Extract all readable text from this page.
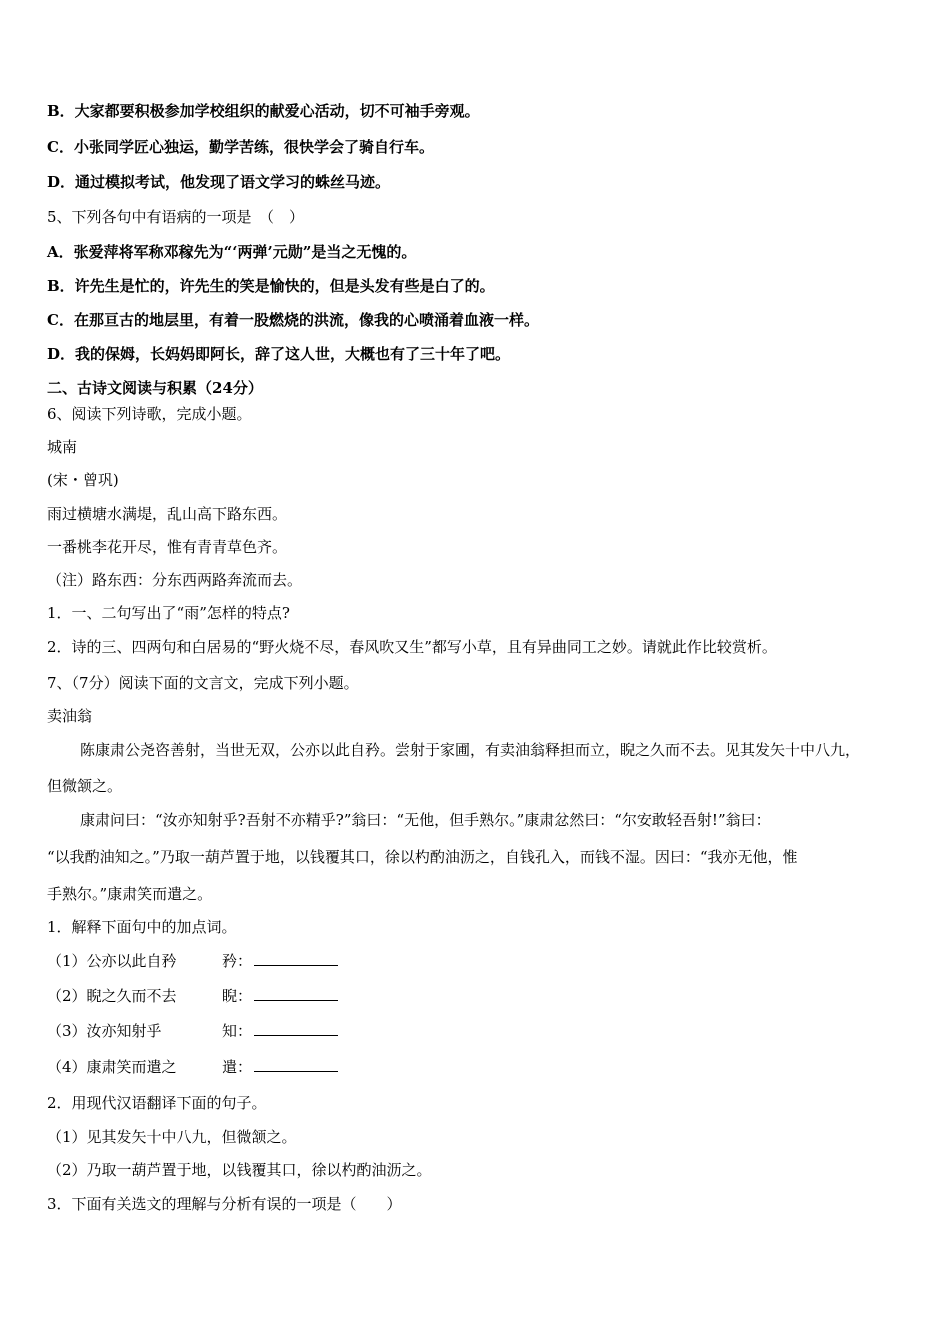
B．大家都要积极参加学校组织的献爱心活动，切不可袖手旁观。
C．小张同学匠心独运，勤学苦练，很快学会了骑自行车。
D．通过模拟考试，他发现了语文学习的蛛丝马迹。
5、下列各句中有语病的一项是　（　）
A．张爱萍将军称邓稼先为“‘两弹’元勋”是当之无愧的。
B．许先生是忙的，许先生的笑是愉快的，但是头发有些是白了的。
C．在那亘古的地层里，有着一股燃烧的洪流，像我的心喷涌着血液一样。
D．我的保姆，长妈妈即阿长，辞了这人世，大概也有了三十年了吧。
二、古诗文阅读与积累（24分）
6、阅读下列诗歌，完成小题。
城南
(宋・曾巩)
雨过横塘水满堤，乱山高下路东西。
一番桃李花开尽，惟有青青草色齐。
（注）路东西：分东西两路奔流而去。
1．一、二句写出了“雨”怎样的特点?
2．诗的三、四两句和白居易的“野火烧不尽，春风吹又生”都写小草，且有异曲同工之妙。请就此作比较赏析。
7、（7分）阅读下面的文言文，完成下列小题。
卖油翁
陈康肃公尧咨善射，当世无双，公亦以此自矜。尝射于家圃，有卖油翁释担而立，睨之久而不去。见其发矢十中八九，
但微颔之。
康肃问曰：“汝亦知射乎?吾射不亦精乎?”翁曰：“无他，但手熟尔。”康肃忿然曰：“尔安敢轻吾射!”翁曰：
“以我酌油知之。”乃取一葫芦置于地，以钱覆其口，徐以杓酌油沥之，自钱孔入，而钱不湿。因曰：“我亦无他，惟
手熟尔。”康肃笑而遣之。
1．解释下面句中的加点词。
（1）公亦以此自矜	矜：
（2）睨之久而不去	睨：
（3）汝亦知射乎	知：
（4）康肃笑而遣之	遣：
2．用现代汉语翻译下面的句子。
（1）见其发矢十中八九，但微颔之。
（2）乃取一葫芦置于地，以钱覆其口，徐以杓酌油沥之。
3．下面有关选文的理解与分析有误的一项是（　　）
